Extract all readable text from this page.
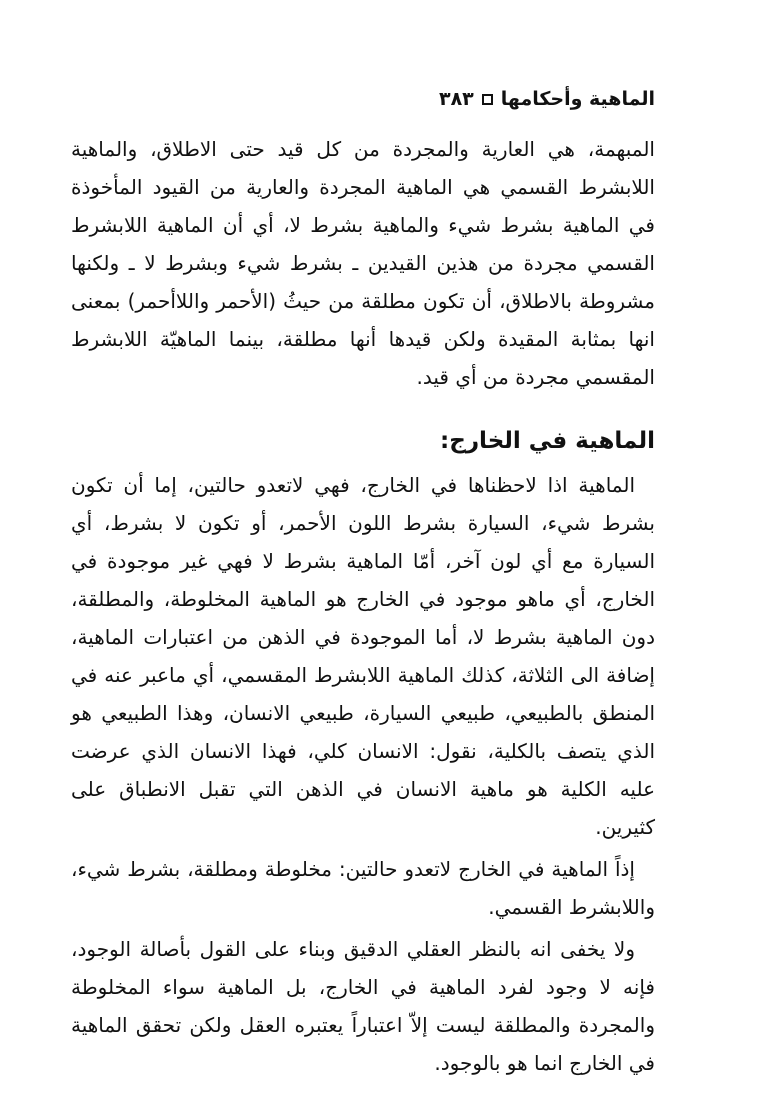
الماهية وأحكامها
٣٨٣

المبهمة، هي العارية والمجردة من كل قيد حتى الاطلاق، والماهية اللابشرط القسمي هي الماهية المجردة والعارية من القيود المأخوذة في الماهية بشرط شيء والماهية بشرط لا، أي أن الماهية اللابشرط القسمي مجردة من هذين القيدين ـ بشرط شيء وبشرط لا ـ ولكنها مشروطة بالاطلاق، أن تكون مطلقة من حيثُ (الأحمر واللاأحمر) بمعنى انها بمثابة المقيدة ولكن قيدها أنها مطلقة، بينما الماهيّة اللابشرط المقسمي مجردة من أي قيد.

الماهية في الخارج:

الماهية اذا لاحظناها في الخارج، فهي لاتعدو حالتين، إما أن تكون بشرط شيء، السيارة بشرط اللون الأحمر، أو تكون لا بشرط، أي السيارة مع أي لون آخر، أمّا الماهية بشرط لا فهي غير موجودة في الخارج، أي ماهو موجود في الخارج هو الماهية المخلوطة، والمطلقة، دون الماهية بشرط لا، أما الموجودة في الذهن من اعتبارات الماهية، إضافة الى الثلاثة، كذلك الماهية اللابشرط المقسمي، أي ماعبر عنه في المنطق بالطبيعي، طبيعي السيارة، طبيعي الانسان، وهذا الطبيعي هو الذي يتصف بالكلية، نقول: الانسان كلي، فهذا الانسان الذي عرضت عليه الكلية هو ماهية الانسان في الذهن التي تقبل الانطباق على كثيرين.

إذاً الماهية في الخارج لاتعدو حالتين: مخلوطة ومطلقة، بشرط شيء، واللابشرط القسمي.

ولا يخفى انه بالنظر العقلي الدقيق وبناء على القول بأصالة الوجود، فإنه لا وجود لفرد الماهية في الخارج، بل الماهية سواء المخلوطة والمجردة والمطلقة ليست إلاّ اعتباراً يعتبره العقل ولكن تحقق الماهية في الخارج انما هو بالوجود.
